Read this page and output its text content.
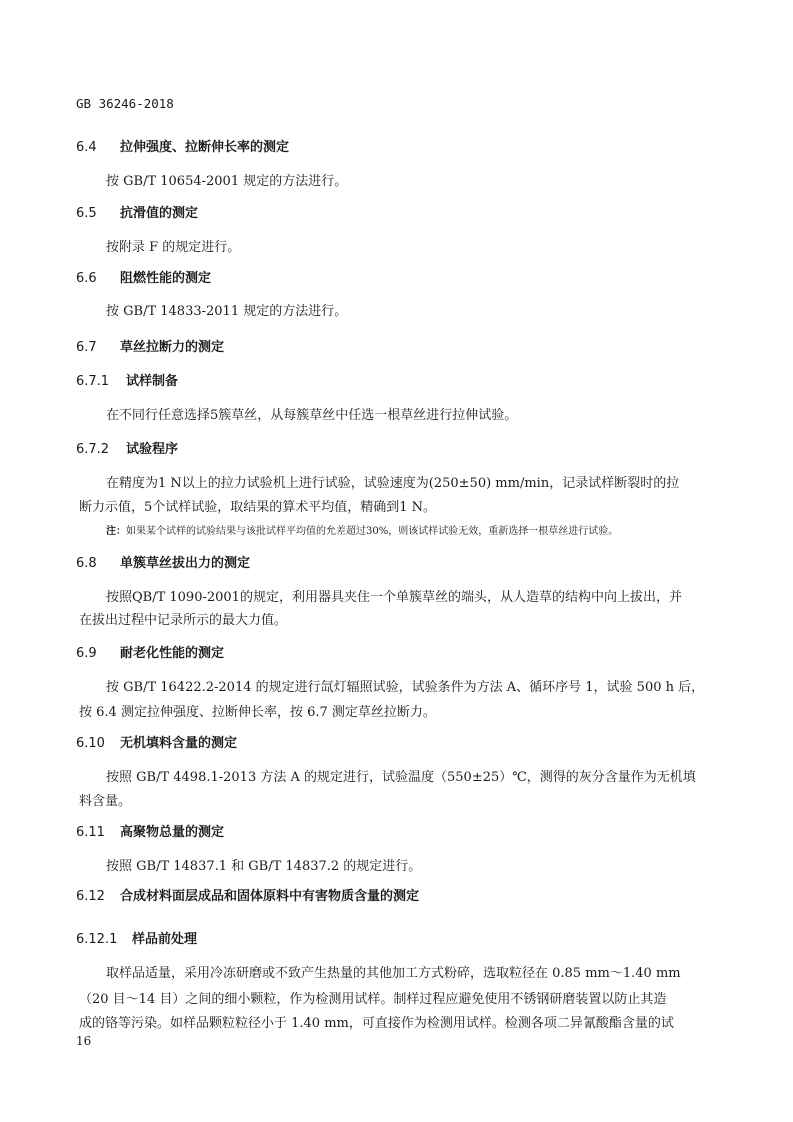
GB 36246-2018
6.4 拉伸强度、拉断伸长率的测定
按 GB/T 10654-2001 规定的方法进行。
6.5 抗滑值的测定
按附录 F 的规定进行。
6.6 阻燃性能的测定
按 GB/T 14833-2011 规定的方法进行。
6.7 草丝拉断力的测定
6.7.1 试样制备
在不同行任意选择5簇草丝，从每簇草丝中任选一根草丝进行拉伸试验。
6.7.2 试验程序
在精度为1 N以上的拉力试验机上进行试验，试验速度为(250±50) mm/min，记录试样断裂时的拉
断力示值，5个试样试验，取结果的算术平均值，精确到1 N。
注：如果某个试样的试验结果与该批试样平均值的允差超过30%，则该试样试验无效，重新选择一根草丝进行试验。
6.8 单簇草丝拔出力的测定
按照QB/T 1090-2001的规定，利用器具夹住一个单簇草丝的端头，从人造草的结构中向上拔出，并
在拔出过程中记录所示的最大力值。
6.9 耐老化性能的测定
按 GB/T 16422.2-2014 的规定进行氙灯辐照试验，试验条件为方法 A、循环序号 1，试验 500 h 后，
按 6.4 测定拉伸强度、拉断伸长率，按 6.7 测定草丝拉断力。
6.10 无机填料含量的测定
按照 GB/T 4498.1-2013 方法 A 的规定进行，试验温度（550±25）℃，测得的灰分含量作为无机填
料含量。
6.11 高聚物总量的测定
按照 GB/T 14837.1 和 GB/T 14837.2 的规定进行。
6.12 合成材料面层成品和固体原料中有害物质含量的测定
6.12.1 样品前处理
取样品适量，采用冷冻研磨或不致产生热量的其他加工方式粉碎，选取粒径在 0.85 mm～1.40 mm
（20 目～14 目）之间的细小颗粒，作为检测用试样。制样过程应避免使用不锈钢研磨装置以防止其造
成的铬等污染。如样品颗粒粒径小于 1.40 mm，可直接作为检测用试样。检测各项二异氰酸酯含量的试
16
